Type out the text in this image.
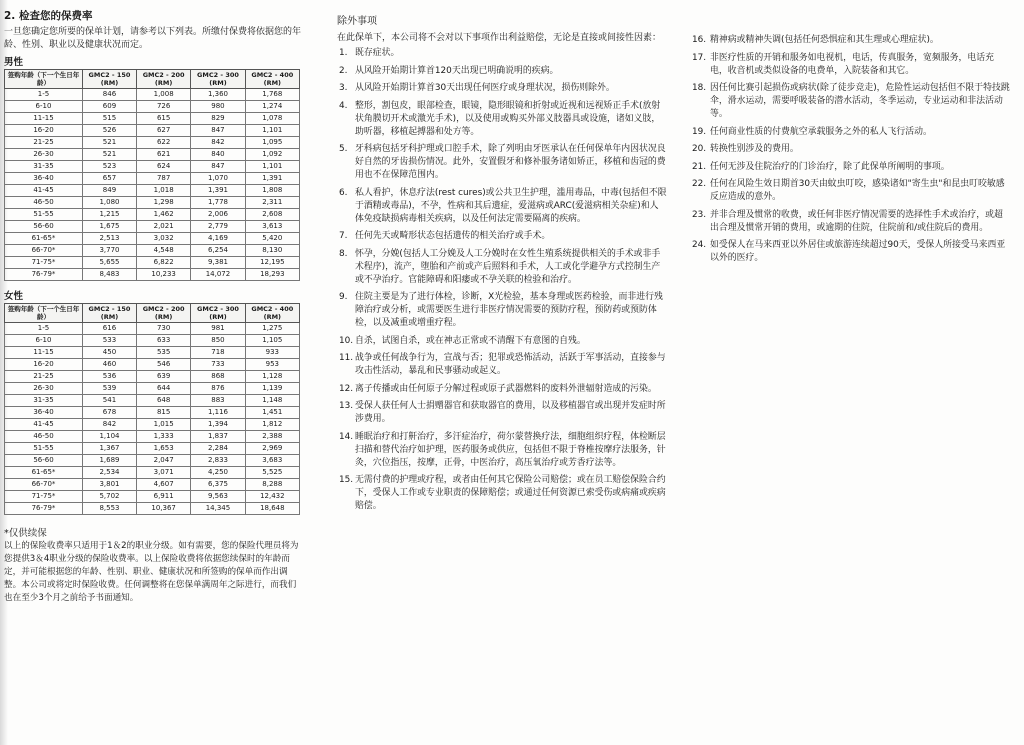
2. 检查您的保费率
一旦您确定您所要的保单计划，请参考以下列表。所缴付保费将依据您的年龄、性别、职业以及健康状况而定。
男性
签购年龄（下一个生日年龄）	GMC2 - 150 (RM)	GMC2 - 200 (RM)	GMC2 - 300 (RM)	GMC2 - 400 (RM)
1-5	846	1,008	1,360	1,768
6-10	609	726	980	1,274
11-15	515	615	829	1,078
16-20	526	627	847	1,101
21-25	521	622	842	1,095
26-30	521	621	840	1,092
31-35	523	624	847	1,101
36-40	657	787	1,070	1,391
41-45	849	1,018	1,391	1,808
46-50	1,080	1,298	1,778	2,311
51-55	1,215	1,462	2,006	2,608
56-60	1,675	2,021	2,779	3,613
61-65*	2,513	3,032	4,169	5,420
66-70*	3,770	4,548	6,254	8,130
71-75*	5,655	6,822	9,381	12,195
76-79*	8,483	10,233	14,072	18,293
女性
签购年龄（下一个生日年龄）	GMC2 - 150 (RM)	GMC2 - 200 (RM)	GMC2 - 300 (RM)	GMC2 - 400 (RM)
1-5	616	730	981	1,275
6-10	533	633	850	1,105
11-15	450	535	718	933
16-20	460	546	733	953
21-25	536	639	868	1,128
26-30	539	644	876	1,139
31-35	541	648	883	1,148
36-40	678	815	1,116	1,451
41-45	842	1,015	1,394	1,812
46-50	1,104	1,333	1,837	2,388
51-55	1,367	1,653	2,284	2,969
56-60	1,689	2,047	2,833	3,683
61-65*	2,534	3,071	4,250	5,525
66-70*	3,801	4,607	6,375	8,288
71-75*	5,702	6,911	9,563	12,432
76-79*	8,553	10,367	14,345	18,648
*仅供续保
以上的保险收费率只适用于1＆2的职业分级。如有需要，您的保险代理员将为您提供3＆4职业分级的保险收费率。以上保险收费将依据您续保时的年龄而定，并可能根据您的年龄、性别、职业、健康状况和所签购的保单而作出调整。本公司或将定时保险收费。任何调整将在您保单满周年之际进行，而我们也在至少3个月之前给予书面通知。
除外事项
在此保单下，本公司将不会对以下事项作出利益赔偿，无论是直接或间接性因素：
1. 既存症状。
2. 从风险开始期计算首120天出现已明确说明的疾病。
3. 从风险开始期计算首30天出现任何医疗或身理状况，损伤则除外。
4. 整形，割包皮，眼部检查，眼镜，隐形眼镜和折射或近视和远视矫正手术(放射状角膜切开术或激光手术)，以及使用或购买外部义肢器具或设施，诸如义肢，助听器，移植起搏器和处方等。
5. 牙科病包括牙科护理或口腔手术，除了列明由牙医承认在任何保单年内因状况良好自然的牙齿损伤情况。此外，安置假牙和修补服务诸如矫正，移植和齿冠的费用也不在保障范围内。
6. 私人看护，休息疗法(rest cures)或公共卫生护理，滥用毒品，中毒(包括但不限于酒精或毒品)，不孕，性病和其后遗症，爱滋病或ARC(爱滋病相关杂症)和人体免疫缺损病毒相关疾病，以及任何法定需要隔离的疾病。
7. 任何先天或畸形状态包括遗传的相关治疗或手术。
8. 怀孕，分娩(包括人工分娩及人工分娩时在女性生殖系统提供相关的手术或非手术程序)，流产，堕胎和产前或产后照料和手术，人工或化学避孕方式控制生产或不孕治疗。官能障碍和阳痿或不孕关联的检验和治疗。
9. 住院主要是为了进行体检，诊断，X光检验，基本身理或医药检验，而非进行残障治疗或分析，或需要医生进行非医疗情况需要的预防疗程，预防药或预防体检，以及减重或增重疗程。
10. 自杀，试图自杀，或在神志正常或不清醒下有意图的自残。
11. 战争或任何战争行为，宣战与否；犯罪或恐怖活动，活跃于军事活动，直接参与攻击性活动，暴乱和民事骚动或起义。
12. 离子传播或由任何原子分解过程或原子武器燃料的废料外泄辐射造成的污染。
13. 受保人获任何人士捐赠器官和获取器官的费用，以及移植器官或出现并发症时所涉费用。
14. 睡眠治疗和打鼾治疗，多汗症治疗，荷尔蒙替换疗法，细胞组织疗程，体检断层扫描和替代治疗如护理，医药服务或供应，包括但不限于脊椎按摩疗法服务，针灸，穴位指压，按摩，正骨，中医治疗，高压氧治疗或芳香疗法等。
15. 无需付费的护理或疗程，或者由任何其它保险公司赔偿；或在员工赔偿保险合约下，受保人工作或专业职责的保障赔偿；或通过任何资源已索受伤或病痛或疾病赔偿。
16. 精神病或精神失调(包括任何恐惧症和其生理或心理症状)。
17. 非医疗性质的开销和服务如电视机，电话，传真服务，宽频服务，电话充电，收音机或类似设备的电费单，入院装备和其它。
18. 因任何比赛引起损伤或病状(除了徒步竞走)，危险性运动包括但不限于特技跳伞，滑水运动，需要呼吸装备的潜水活动，冬季运动，专业运动和非法活动等。
19. 任何商业性质的付费航空承载服务之外的私人飞行活动。
20. 转换性别涉及的费用。
21. 任何无涉及住院治疗的门诊治疗，除了此保单所阐明的事项。
22. 任何在风险生效日期首30天由蚊虫叮咬，感染诸如"寄生虫"和昆虫叮咬敏感反应造成的意外。
23. 并非合理及惯常的收费，或任何非医疗情况需要的选择性手术或治疗，或超出合理及惯常开销的费用，或逾期的住院，住院前和/或住院后的费用。
24. 如受保人在马来西亚以外居住或旅游连续超过90天，受保人所接受马来西亚以外的医疗。
